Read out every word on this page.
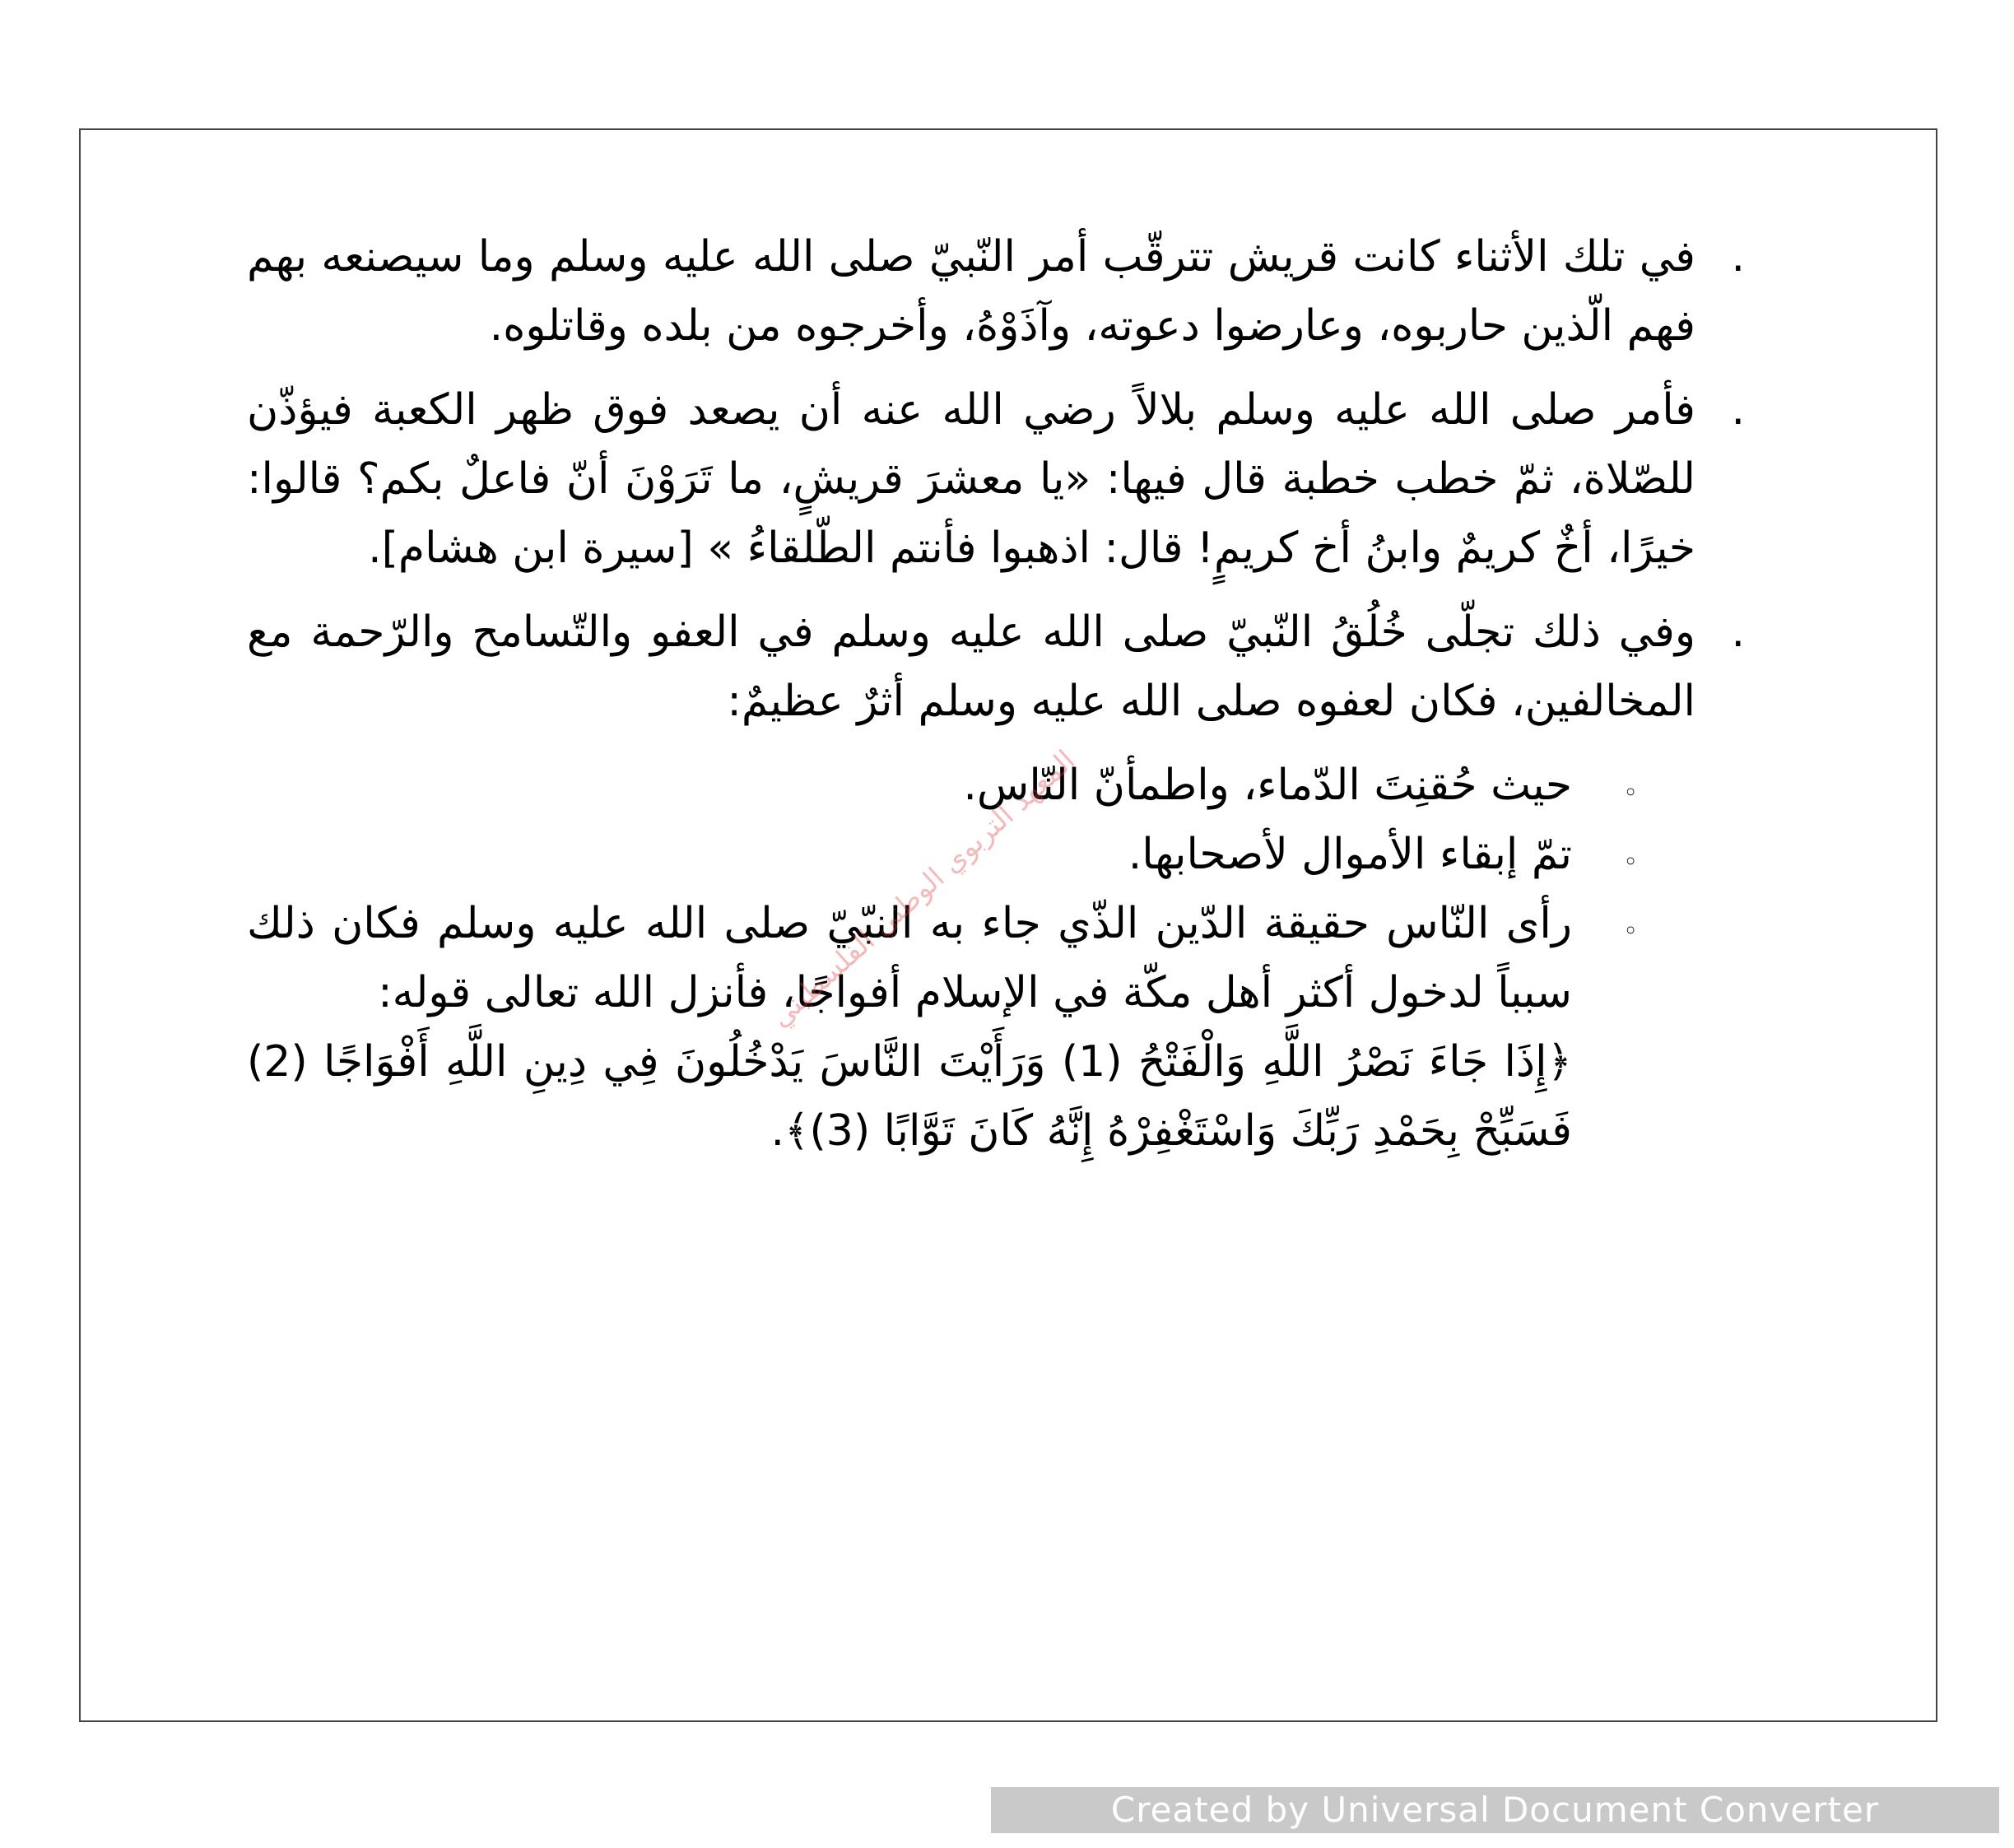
.
في تلك الأثناء كانت قريش تترقّب أمر النّبيّ صلى الله عليه وسلم وما سيصنعه بهم فهم الّذين حاربوه، وعارضوا دعوته، وآذَوْهُ، وأخرجوه من بلده وقاتلوه.

.
فأمر صلى الله عليه وسلم بلالاً رضي الله عنه أن يصعد فوق ظهر الكعبة فيؤذّن للصّلاة، ثمّ خطب خطبة قال فيها: «يا معشرَ قريشٍ، ما تَرَوْنَ أنّ فاعلٌ بكم؟ قالوا: خيرًا، أخٌ كريمٌ وابنُ أخ كريمٍ! قال: اذهبوا فأنتم الطّلقاءُ » [سيرة ابن هشام].

.
وفي ذلك تجلّى خُلُقُ النّبيّ صلى الله عليه وسلم في العفو والتّسامح والرّحمة مع المخالفين، فكان لعفوه صلى الله عليه وسلم أثرٌ عظيمٌ:

◦
حيث حُقنِتَ الدّماء، واطمأنّ النّاس.

◦
تمّ إبقاء الأموال لأصحابها.

◦
رأى النّاس حقيقة الدّين الذّي جاء به النبّيّ صلى الله عليه وسلم فكان ذلك سبباً لدخول أكثر أهل مكّة في الإسلام أفواجًا، فأنزل الله تعالى قوله:
﴿إِذَا جَاءَ نَصْرُ اللَّهِ وَالْفَتْحُ (1) وَرَأَيْتَ النَّاسَ يَدْخُلُونَ فِي دِينِ اللَّهِ أَفْوَاجًا (2) فَسَبِّحْ بِحَمْدِ رَبِّكَ وَاسْتَغْفِرْهُ إِنَّهُ كَانَ تَوَّابًا (3)﴾.

المعهد التربوي الوطني الفلسطيني
Created by Universal Document Converter
